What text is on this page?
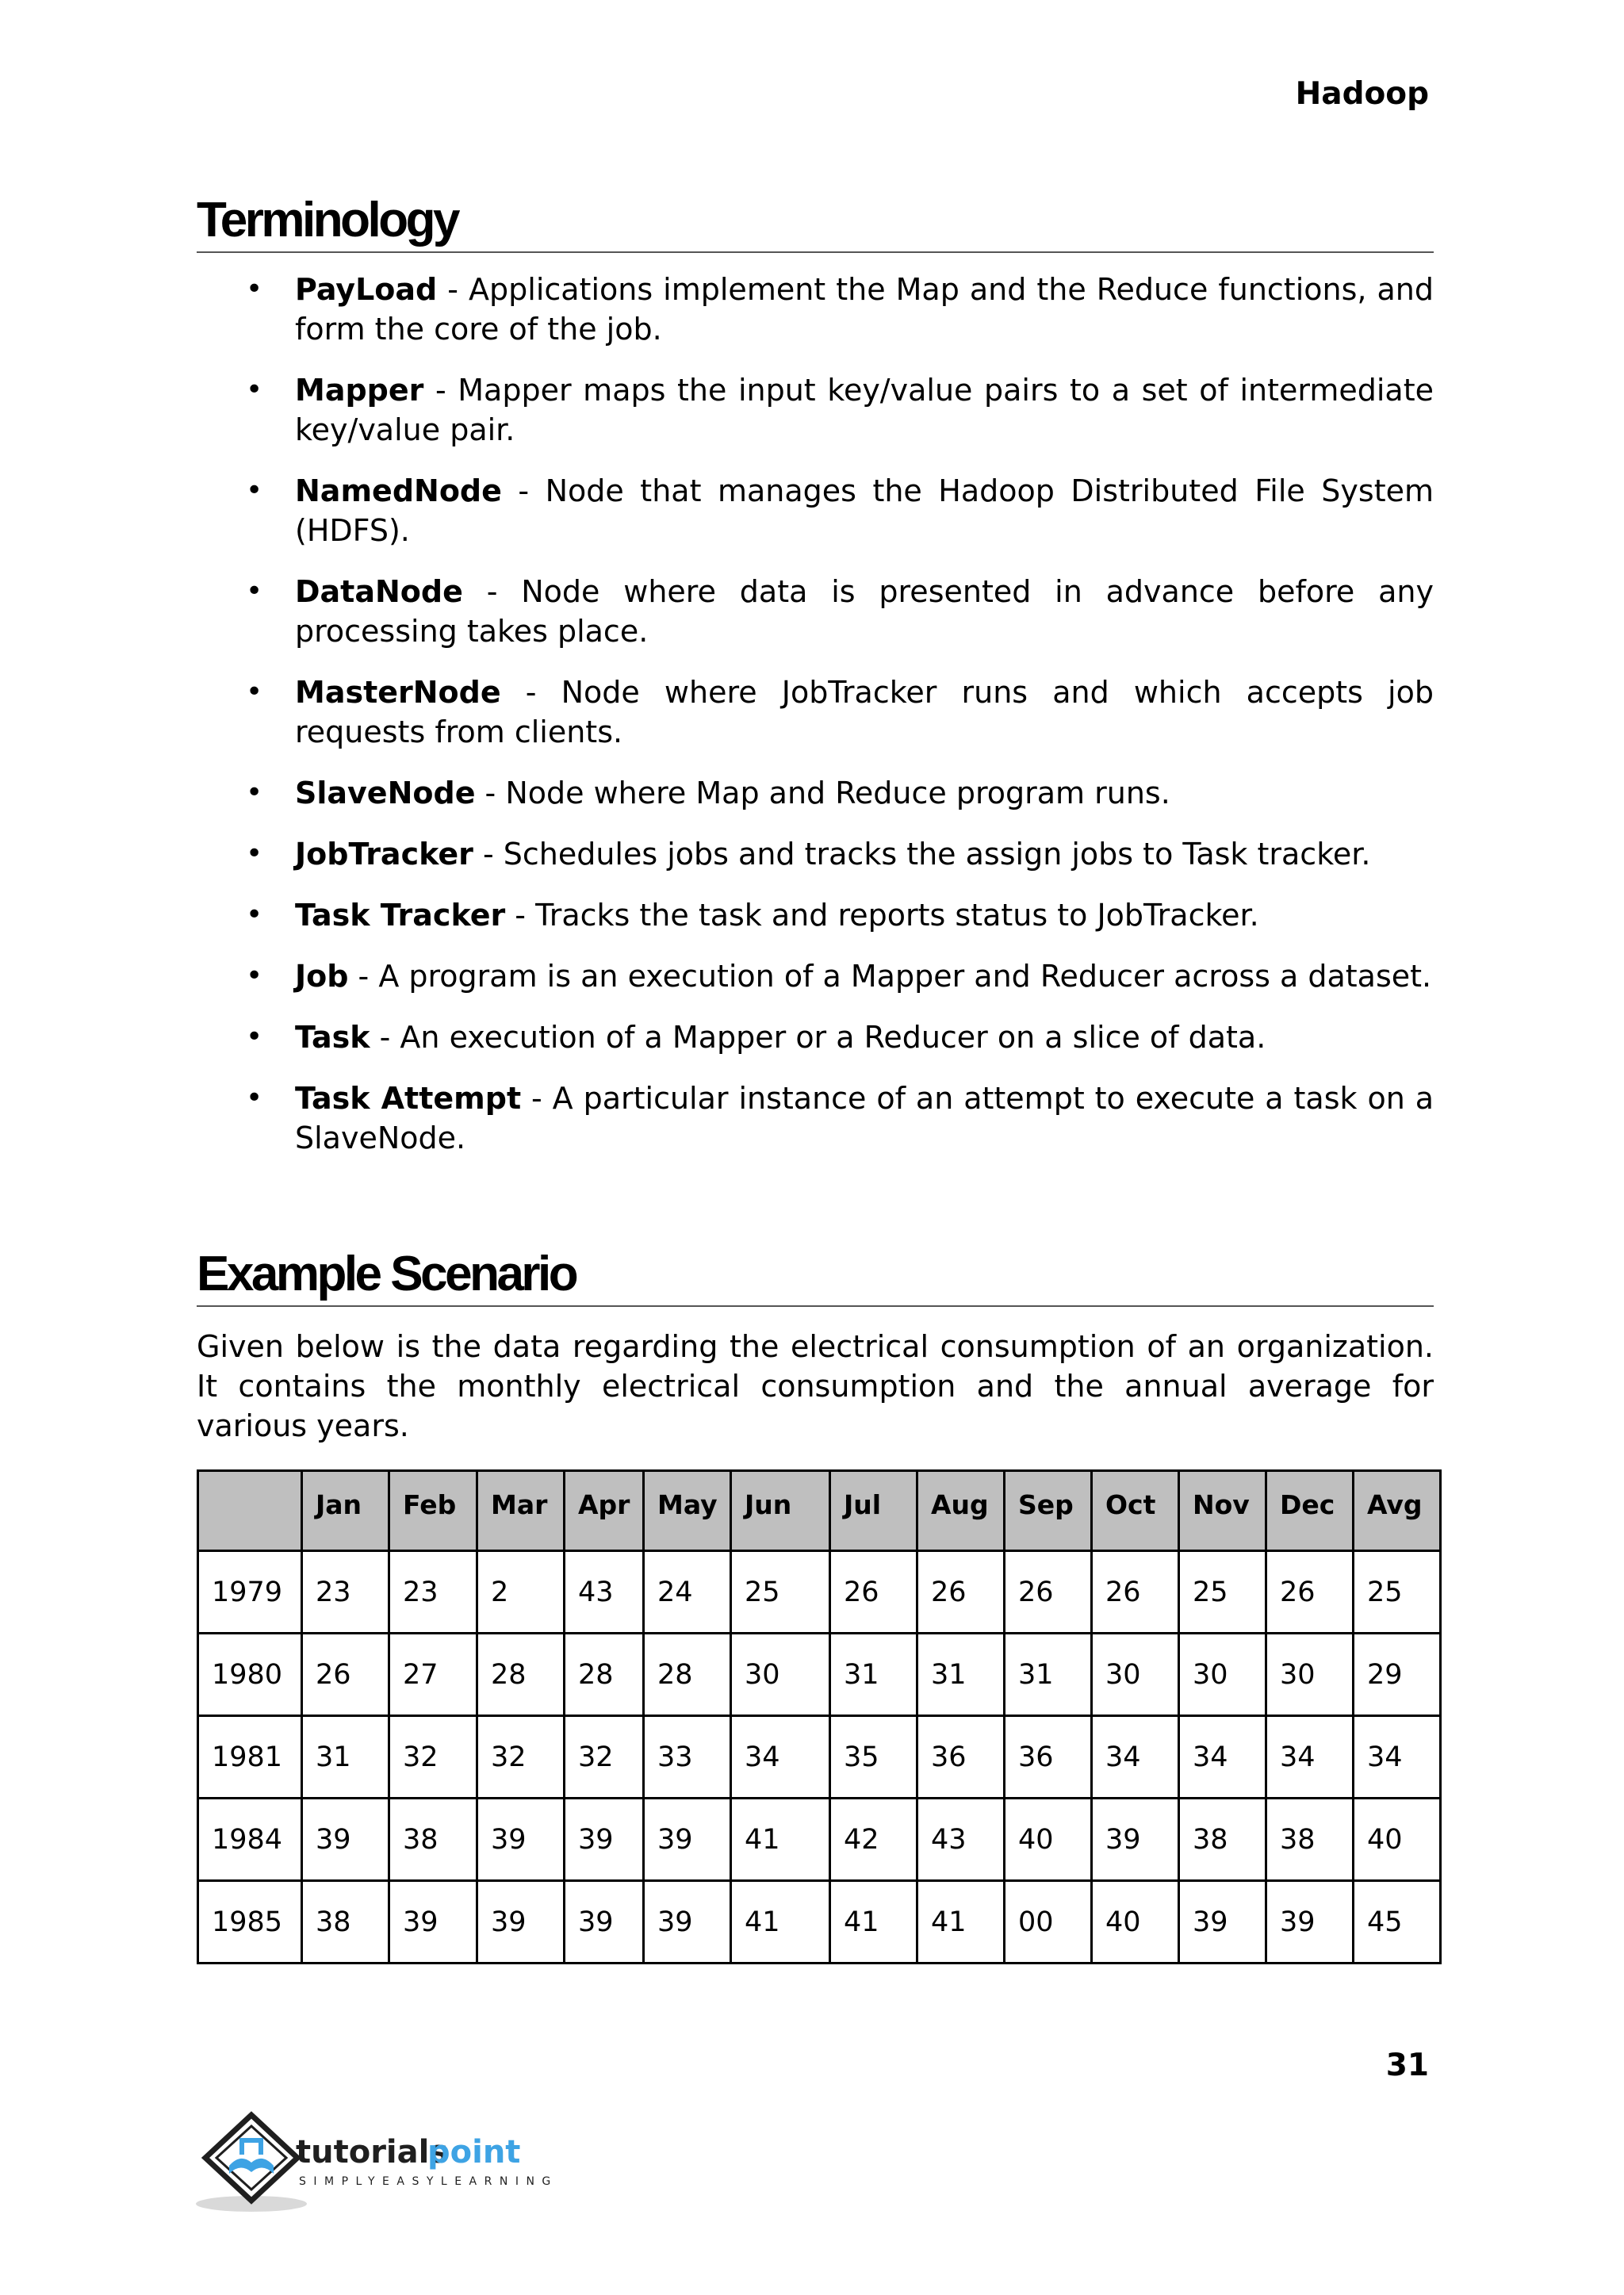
Hadoop
Terminology
• PayLoad - Applications implement the Map and the Reduce functions, and form the core of the job.
• Mapper - Mapper maps the input key/value pairs to a set of intermediate key/value pair.
• NamedNode - Node that manages the Hadoop Distributed File System (HDFS).
• DataNode - Node where data is presented in advance before any processing takes place.
• MasterNode - Node where JobTracker runs and which accepts job requests from clients.
• SlaveNode - Node where Map and Reduce program runs.
• JobTracker - Schedules jobs and tracks the assign jobs to Task tracker.
• Task Tracker - Tracks the task and reports status to JobTracker.
• Job - A program is an execution of a Mapper and Reducer across a dataset.
• Task - An execution of a Mapper or a Reducer on a slice of data.
• Task Attempt - A particular instance of an attempt to execute a task on a SlaveNode.
Example Scenario

Given below is the data regarding the electrical consumption of an organization. It contains the monthly electrical consumption and the annual average for various years.

	Jan	Feb	Mar	Apr	May	Jun	Jul	Aug	Sep	Oct	Nov	Dec	Avg
1979	23	23	2	43	24	25	26	26	26	26	25	26	25
1980	26	27	28	28	28	30	31	31	31	30	30	30	29
1981	31	32	32	32	33	34	35	36	36	34	34	34	34
1984	39	38	39	39	39	41	42	43	40	39	38	38	40
1985	38	39	39	39	39	41	41	41	00	40	39	39	45
31
tutorials
point
SIMPLYEASYLEARNING
